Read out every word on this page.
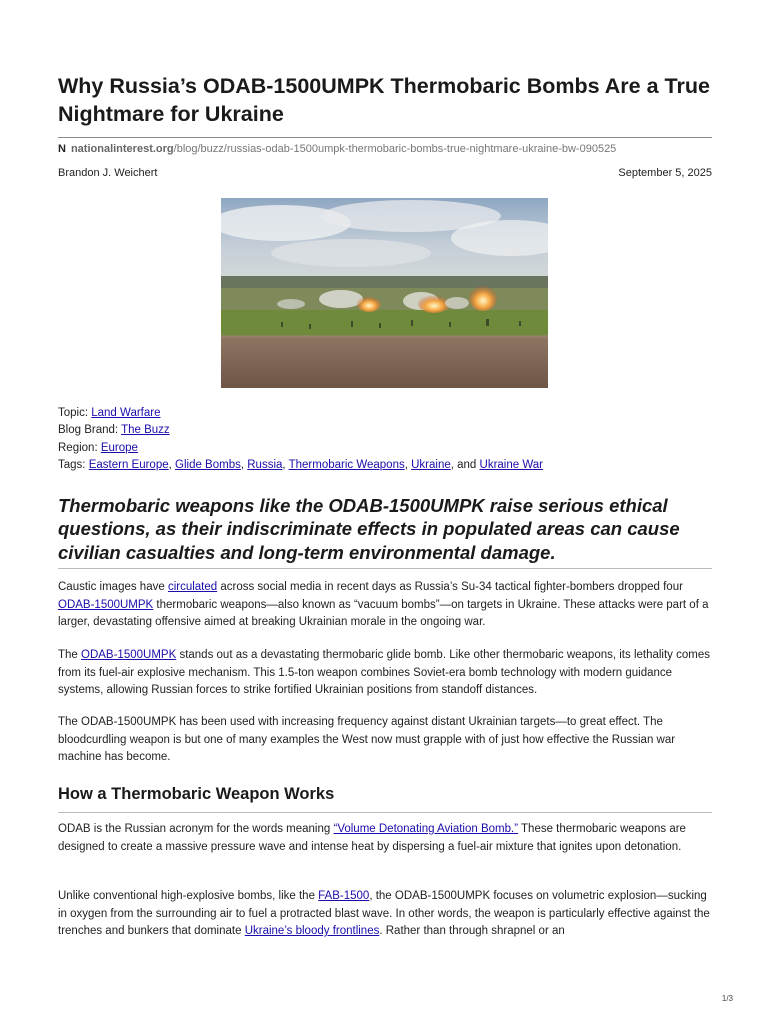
Why Russia’s ODAB-1500UMPK Thermobaric Bombs Are a True Nightmare for Ukraine
N nationalinterest.org/blog/buzz/russias-odab-1500umpk-thermobaric-bombs-true-nightmare-ukraine-bw-090525
Brandon J. Weichert	September 5, 2025
Topic: Land Warfare
Blog Brand: The Buzz
Region: Europe
Tags: Eastern Europe, Glide Bombs, Russia, Thermobaric Weapons, Ukraine, and Ukraine War

Thermobaric weapons like the ODAB-1500UMPK raise serious ethical questions, as their indiscriminate effects in populated areas can cause civilian casualties and long-term environmental damage.

Caustic images have circulated across social media in recent days as Russia’s Su-34 tactical fighter-bombers dropped four ODAB-1500UMPK thermobaric weapons—also known as “vacuum bombs”—on targets in Ukraine. These attacks were part of a larger, devastating offensive aimed at breaking Ukrainian morale in the ongoing war.

The ODAB-1500UMPK stands out as a devastating thermobaric glide bomb. Like other thermobaric weapons, its lethality comes from its fuel-air explosive mechanism. This 1.5-ton weapon combines Soviet-era bomb technology with modern guidance systems, allowing Russian forces to strike fortified Ukrainian positions from standoff distances.

The ODAB-1500UMPK has been used with increasing frequency against distant Ukrainian targets—to great effect. The bloodcurdling weapon is but one of many examples the West now must grapple with of just how effective the Russian war machine has become.

How a Thermobaric Weapon Works

ODAB is the Russian acronym for the words meaning “Volume Detonating Aviation Bomb.” These thermobaric weapons are designed to create a massive pressure wave and intense heat by dispersing a fuel-air mixture that ignites upon detonation.

Unlike conventional high-explosive bombs, like the FAB-1500, the ODAB-1500UMPK focuses on volumetric explosion—sucking in oxygen from the surrounding air to fuel a protracted blast wave. In other words, the weapon is particularly effective against the trenches and bunkers that dominate Ukraine’s bloody frontlines. Rather than through shrapnel or an

1/3
